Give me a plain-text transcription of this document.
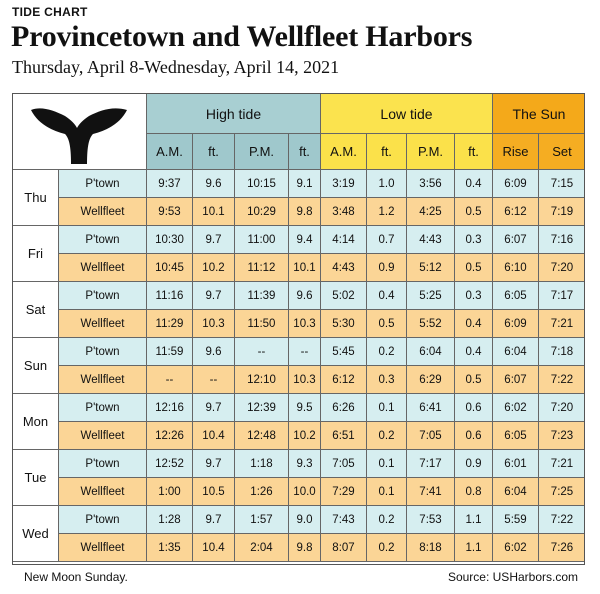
TIDE CHART
Provincetown and Wellfleet Harbors
Thursday, April 8-Wednesday, April 14, 2021
High tide	Low tide	The Sun
A.M.	ft.	P.M.	ft.	A.M.	ft.	P.M.	ft.	Rise	Set
Thu
P'town	9:37	9.6	10:15	9.1	3:19	1.0	3:56	0.4	6:09	7:15
Wellfleet	9:53	10.1	10:29	9.8	3:48	1.2	4:25	0.5	6:12	7:19
Fri
P'town	10:30	9.7	11:00	9.4	4:14	0.7	4:43	0.3	6:07	7:16
Wellfleet	10:45	10.2	11:12	10.1	4:43	0.9	5:12	0.5	6:10	7:20
Sat
P'town	11:16	9.7	11:39	9.6	5:02	0.4	5:25	0.3	6:05	7:17
Wellfleet	11:29	10.3	11:50	10.3	5:30	0.5	5:52	0.4	6:09	7:21
Sun
P'town	11:59	9.6	--	--	5:45	0.2	6:04	0.4	6:04	7:18
Wellfleet	--	--	12:10	10.3	6:12	0.3	6:29	0.5	6:07	7:22
Mon
P'town	12:16	9.7	12:39	9.5	6:26	0.1	6:41	0.6	6:02	7:20
Wellfleet	12:26	10.4	12:48	10.2	6:51	0.2	7:05	0.6	6:05	7:23
Tue
P'town	12:52	9.7	1:18	9.3	7:05	0.1	7:17	0.9	6:01	7:21
Wellfleet	1:00	10.5	1:26	10.0	7:29	0.1	7:41	0.8	6:04	7:25
Wed
P'town	1:28	9.7	1:57	9.0	7:43	0.2	7:53	1.1	5:59	7:22
Wellfleet	1:35	10.4	2:04	9.8	8:07	0.2	8:18	1.1	6:02	7:26
New Moon Sunday.	Source: USHarbors.com
